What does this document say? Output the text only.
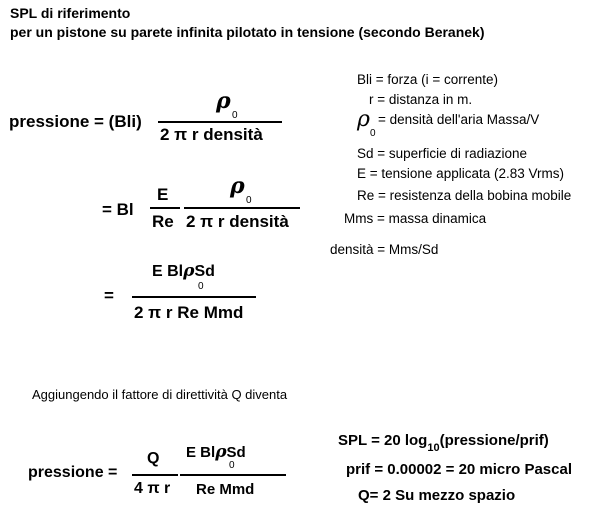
SPL di riferimento
per un pistone su parete infinita pilotato in tensione (secondo Beranek)
pressione = (Bli)
ρ
0
2 π r densità
= Bl
E
Re
ρ
0
2 π r densità
=
E BlρSd
0
2 π r Re Mmd
Bli = forza (i = corrente)
r = distanza in m.
ρ
0
= densità dell'aria Massa/V
Sd = superficie di radiazione
E = tensione applicata (2.83 Vrms)
Re = resistenza della bobina mobile
Mms = massa dinamica
densità = Mms/Sd
Aggiungendo il fattore di direttività Q diventa
pressione =
Q
4 π r
E BlρSd
0
Re Mmd
SPL = 20 $\log_{10}(pressione/prif)$
prif = 0.00002 = 20 micro Pascal
Q= 2 Su mezzo spazio
